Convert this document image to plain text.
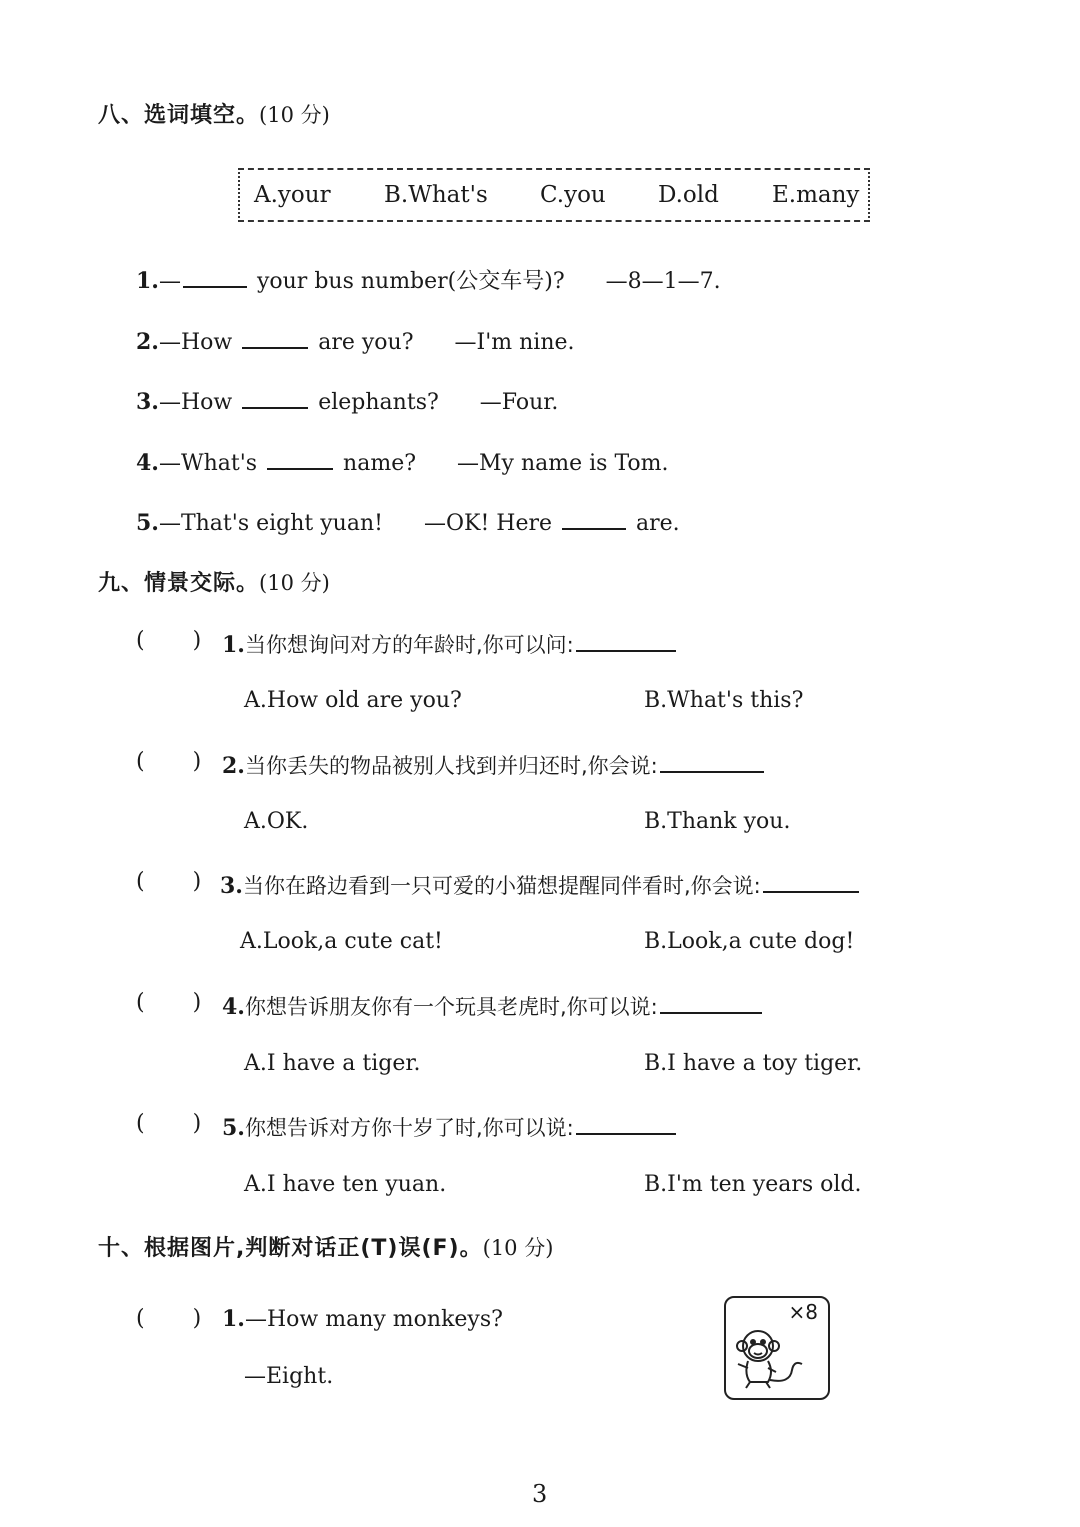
八、选词填空。(10 分)
A.your B.What's C.you D.old E.many
1.—	your bus number(公交车号)? —8—1—7.
2.—How	are you? —I'm nine.
3.—How	elephants? —Four.
4.—What's	name? —My name is Tom.
5.—That's eight yuan! —OK! Here	are.
九、情景交际。(10 分)
( ) 1.当你想询问对方的年龄时,你可以问:
A.How old are you?	B.What's this?
( ) 2.当你丢失的物品被别人找到并归还时,你会说:
A.OK.	B.Thank you.
( ) 3.当你在路边看到一只可爱的小猫想提醒同伴看时,你会说:
A.Look,a cute cat!	B.Look,a cute dog!
( ) 4.你想告诉朋友你有一个玩具老虎时,你可以说:
A.I have a tiger.	B.I have a toy tiger.
( ) 5.你想告诉对方你十岁了时,你可以说:
A.I have ten yuan.	B.I'm ten years old.
十、根据图片,判断对话正(T)误(F)。(10 分)
( ) 1.—How many monkeys?
—Eight.
×8
3
